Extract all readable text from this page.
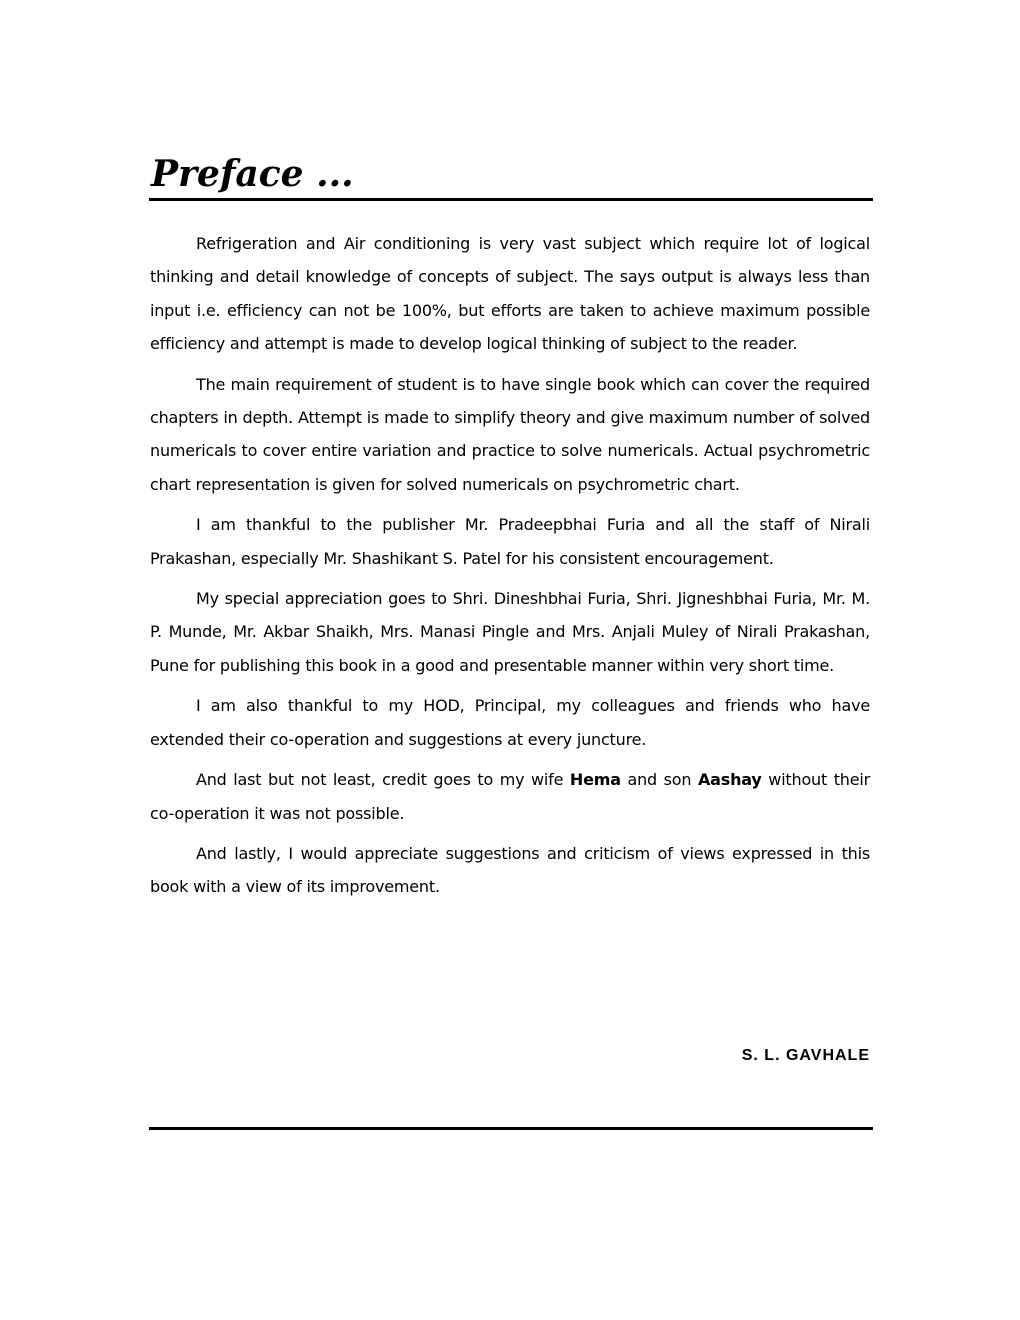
Preface ...

Refrigeration and Air conditioning is very vast subject which require lot of logical thinking and detail knowledge of concepts of subject. The says output is always less than input i.e. efficiency can not be 100%, but efforts are taken to achieve maximum possible efficiency and attempt is made to develop logical thinking of subject to the reader.

The main requirement of student is to have single book which can cover the required chapters in depth. Attempt is made to simplify theory and give maximum number of solved numericals to cover entire variation and practice to solve numericals. Actual psychrometric chart representation is given for solved numericals on psychrometric chart.

I am thankful to the publisher Mr. Pradeepbhai Furia and all the staff of Nirali Prakashan, especially Mr. Shashikant S. Patel for his consistent encouragement.

My special appreciation goes to Shri. Dineshbhai Furia, Shri. Jigneshbhai Furia, Mr. M. P. Munde, Mr. Akbar Shaikh, Mrs. Manasi Pingle and Mrs. Anjali Muley of Nirali Prakashan, Pune for publishing this book in a good and presentable manner within very short time.

I am also thankful to my HOD, Principal, my colleagues and friends who have extended their co-operation and suggestions at every juncture.

And last but not least, credit goes to my wife Hema and son Aashay without their co-operation it was not possible.

And lastly, I would appreciate suggestions and criticism of views expressed in this book with a view of its improvement.

S. L. GAVHALE
